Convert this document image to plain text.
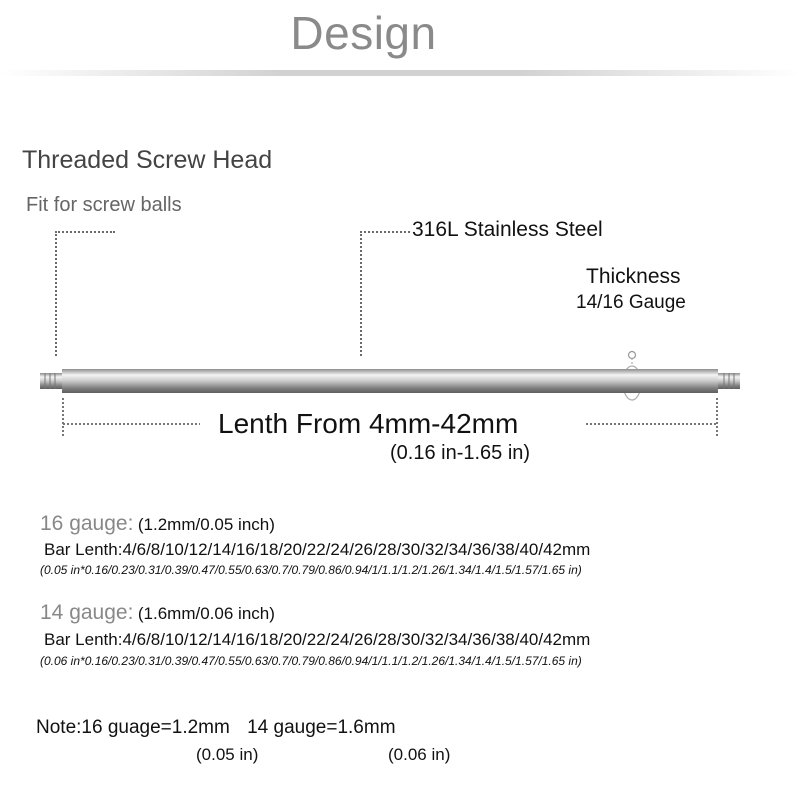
Design
Threaded Screw Head
Fit for screw balls
316L Stainless Steel
Thickness
14/16 Gauge
Lenth From 4mm-42mm
(0.16 in-1.65 in)
16 gauge: (1.2mm/0.05 inch)
Bar Lenth:4/6/8/10/12/14/16/18/20/22/24/26/28/30/32/34/36/38/40/42mm
(0.05 in*0.16/0.23/0.31/0.39/0.47/0.55/0.63/0.7/0.79/0.86/0.94/1/1.1/1.2/1.26/1.34/1.4/1.5/1.57/1.65 in)
14 gauge: (1.6mm/0.06 inch)
Bar Lenth:4/6/8/10/12/14/16/18/20/22/24/26/28/30/32/34/36/38/40/42mm
(0.06 in*0.16/0.23/0.31/0.39/0.47/0.55/0.63/0.7/0.79/0.86/0.94/1/1.1/1.2/1.26/1.34/1.4/1.5/1.57/1.65 in)
Note:16 guage=1.2mm 14 gauge=1.6mm
(0.05 in)	(0.06 in)
